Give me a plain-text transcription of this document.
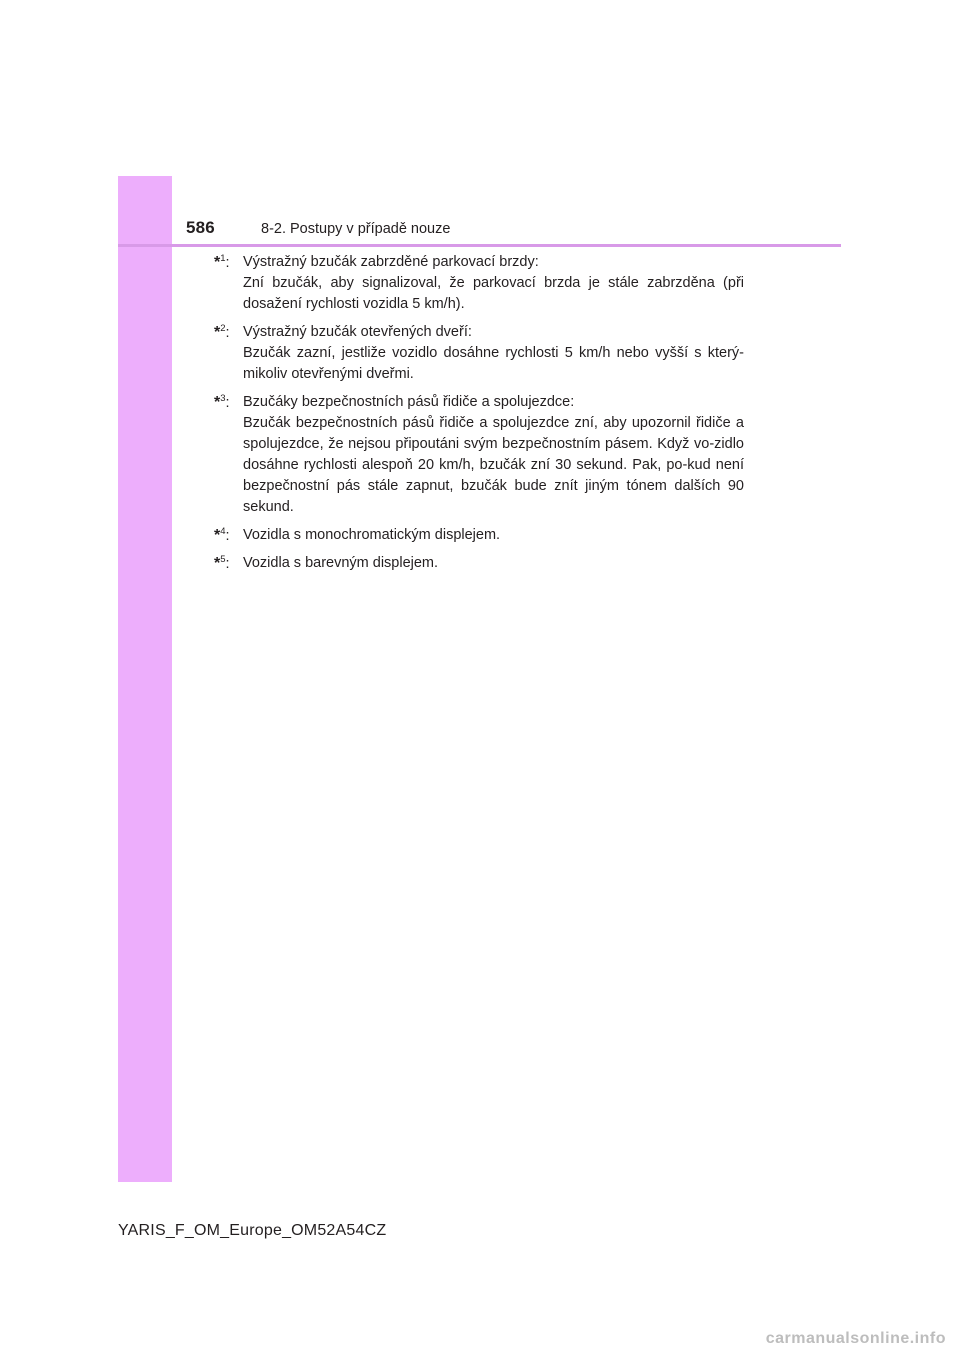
586	8-2. Postupy v případě nouze
*$^1$: Výstražný bzučák zabrzděné parkovací brzdy:
Zní bzučák, aby signalizoval, že parkovací brzda je stále zabrzděna (při dosažení rychlosti vozidla 5 km/h).
*$^2$: Výstražný bzučák otevřených dveří:
Bzučák zazní, jestliže vozidlo dosáhne rychlosti 5 km/h nebo vyšší s který-mikoliv otevřenými dveřmi.
*$^3$: Bzučáky bezpečnostních pásů řidiče a spolujezdce:
Bzučák bezpečnostních pásů řidiče a spolujezdce zní, aby upozornil řidiče a spolujezdce, že nejsou připoutáni svým bezpečnostním pásem. Když vo-zidlo dosáhne rychlosti alespoň 20 km/h, bzučák zní 30 sekund. Pak, po-kud není bezpečnostní pás stále zapnut, bzučák bude znít jiným tónem dalších 90 sekund.
*$^4$: Vozidla s monochromatickým displejem.
*$^5$: Vozidla s barevným displejem.
YARIS_F_OM_Europe_OM52A54CZ
carmanualsonline.info
